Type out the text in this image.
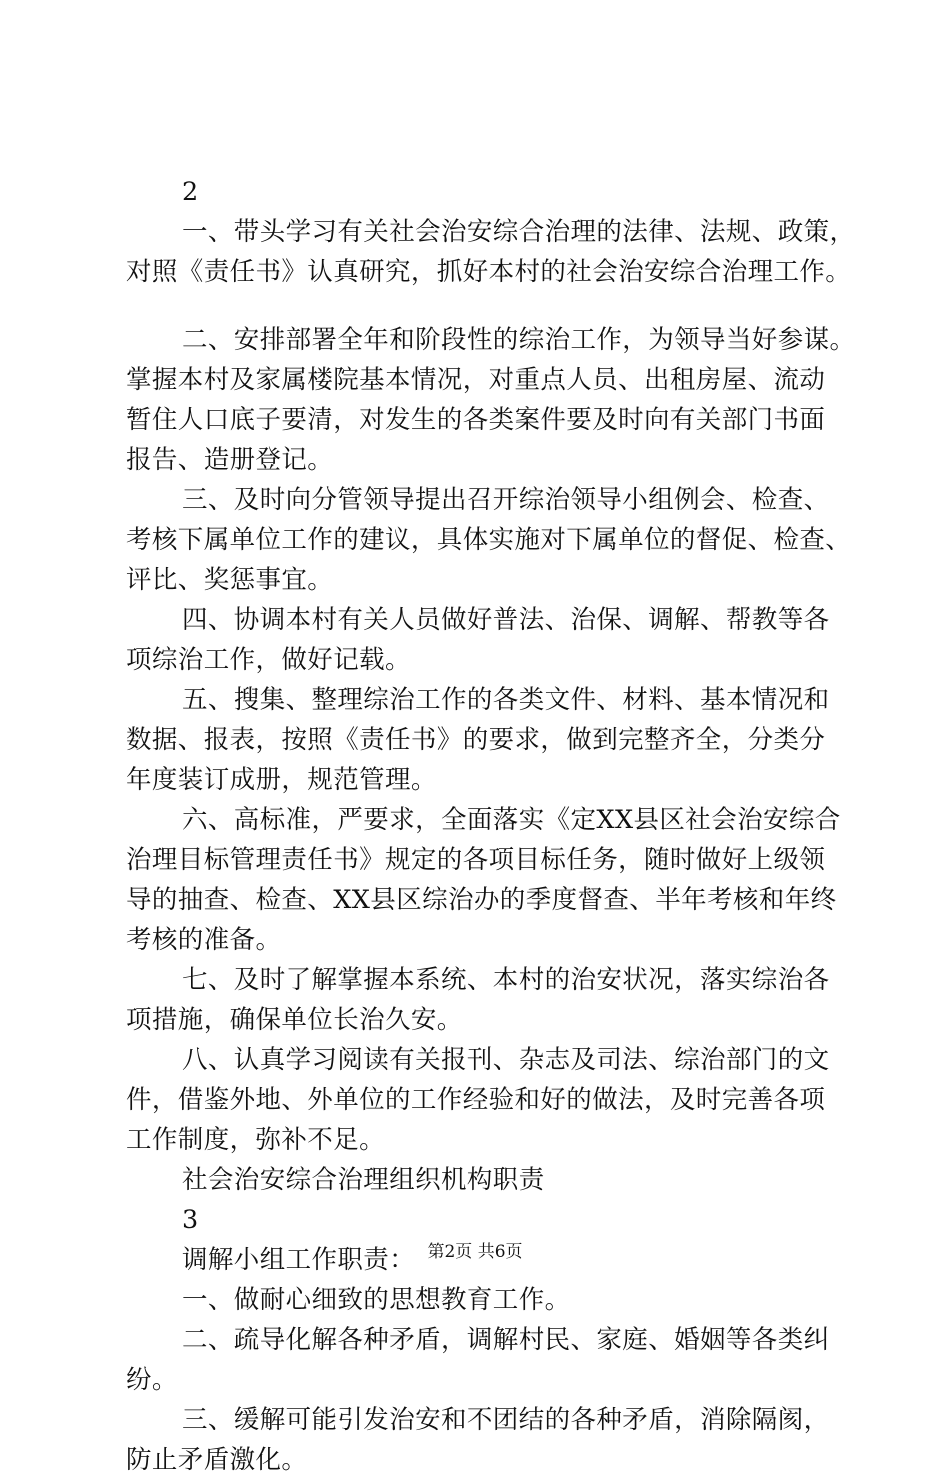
2
一、带头学习有关社会治安综合治理的法律、法规、政策，
对照《责任书》认真研究，抓好本村的社会治安综合治理工作。
二、安排部署全年和阶段性的综治工作，为领导当好参谋。
掌握本村及家属楼院基本情况，对重点人员、出租房屋、流动
暂住人口底子要清，对发生的各类案件要及时向有关部门书面
报告、造册登记。
三、及时向分管领导提出召开综治领导小组例会、检查、
考核下属单位工作的建议，具体实施对下属单位的督促、检查、
评比、奖惩事宜。
四、协调本村有关人员做好普法、治保、调解、帮教等各
项综治工作，做好记载。
五、搜集、整理综治工作的各类文件、材料、基本情况和
数据、报表，按照《责任书》的要求，做到完整齐全，分类分
年度装订成册，规范管理。
六、高标准，严要求，全面落实《定XX县区社会治安综合
治理目标管理责任书》规定的各项目标任务，随时做好上级领
导的抽查、检查、XX县区综治办的季度督查、半年考核和年终
考核的准备。
七、及时了解掌握本系统、本村的治安状况，落实综治各
项措施，确保单位长治久安。
八、认真学习阅读有关报刊、杂志及司法、综治部门的文
件，借鉴外地、外单位的工作经验和好的做法，及时完善各项
工作制度，弥补不足。
社会治安综合治理组织机构职责
3
调解小组工作职责：
一、做耐心细致的思想教育工作。
二、疏导化解各种矛盾，调解村民、家庭、婚姻等各类纠
纷。
三、缓解可能引发治安和不团结的各种矛盾，消除隔阂，
防止矛盾激化。
第2页 共6页
